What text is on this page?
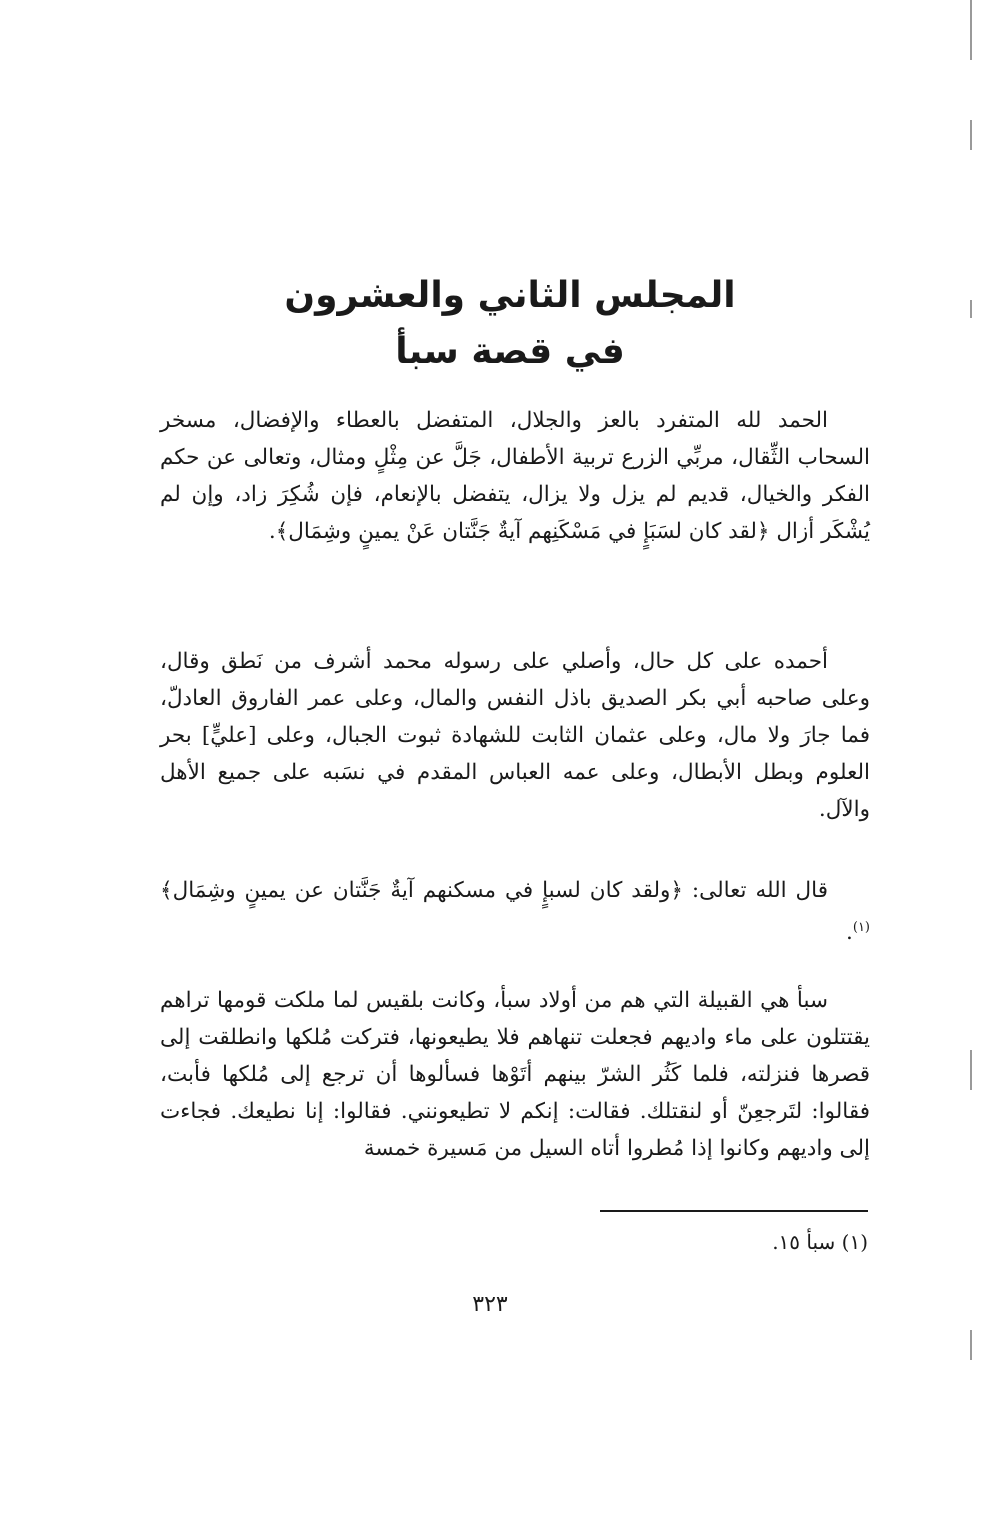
المجلس الثاني والعشرون

في قصة سبأ

الحمد لله المتفرد بالعز والجلال، المتفضل بالعطاء والإفضال، مسخر السحاب الثِّقال، مربِّي الزرع تربية الأطفال، جَلَّ عن مِثْلٍ ومثال، وتعالى عن حكم الفكر والخيال، قديم لم يزل ولا يزال، يتفضل بالإنعام، فإن شُكِرَ زاد، وإن لم يُشْكَر أزال ﴿لقد كان لسَبَإٍ في مَسْكَنِهم آيةٌ جَنَّتان عَنْ يمينٍ وشِمَال﴾.

أحمده على كل حال، وأصلي على رسوله محمد أشرف من نَطق وقال، وعلى صاحبه أبي بكر الصديق باذل النفس والمال، وعلى عمر الفاروق العادلّ، فما جارَ ولا مال، وعلى عثمان الثابت للشهادة ثبوت الجبال، وعلى [عليٍّ] بحر العلوم وبطل الأبطال، وعلى عمه العباس المقدم في نسَبه على جميع الأهل والآل.

قال الله تعالى: ﴿ولقد كان لسبإٍ في مسكنهم آيةٌ جَنَّتان عن يمينٍ وشِمَال﴾ $^{(١)}$.

سبأ هي القبيلة التي هم من أولاد سبأ، وكانت بلقيس لما ملكت قومها تراهم يقتتلون على ماء واديهم فجعلت تنهاهم فلا يطيعونها، فتركت مُلكها وانطلقت إلى قصرها فنزلته، فلما كَثُر الشرّ بينهم أتَوْها فسألوها أن ترجع إلى مُلكها فأبت، فقالوا: لتَرجعِنّ أو لنقتلك. فقالت: إنكم لا تطيعونني. فقالوا: إنا نطيعك. فجاءت إلى واديهم وكانوا إذا مُطروا أتاه السيل من مَسيرة خمسة

(١) سبأ ١٥.
٣٢٣
